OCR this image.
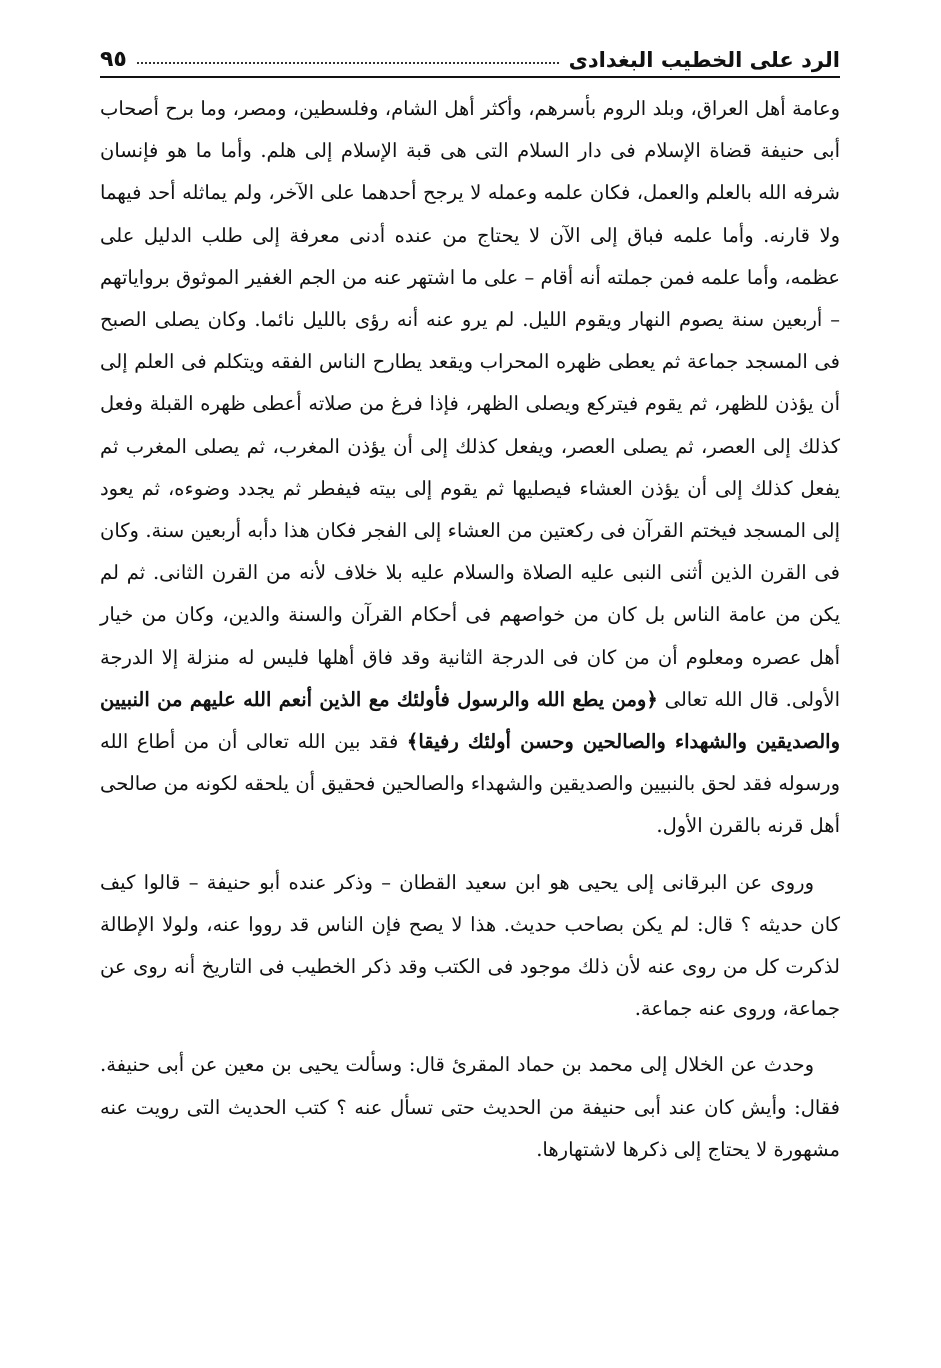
الرد على الخطيب البغدادى
٩٥

وعامة أهل العراق، وبلد الروم بأسرهم، وأكثر أهل الشام، وفلسطين، ومصر، وما برح أصحاب أبى حنيفة قضاة الإسلام فى دار السلام التى هى قبة الإسلام إلى هلم. وأما ما هو فإنسان شرفه الله بالعلم والعمل، فكان علمه وعمله لا يرجح أحدهما على الآخر، ولم يماثله أحد فيهما ولا قارنه. وأما علمه فباق إلى الآن لا يحتاج من عنده أدنى معرفة إلى طلب الدليل على عظمه، وأما علمه فمن جملته أنه أقام – على ما اشتهر عنه من الجم الغفير الموثوق برواياتهم – أربعين سنة يصوم النهار ويقوم الليل. لم يرو عنه أنه رؤى بالليل نائما. وكان يصلى الصبح فى المسجد جماعة ثم يعطى ظهره المحراب ويقعد يطارح الناس الفقه ويتكلم فى العلم إلى أن يؤذن للظهر، ثم يقوم فيتركع ويصلى الظهر، فإذا فرغ من صلاته أعطى ظهره القبلة وفعل كذلك إلى العصر، ثم يصلى العصر، ويفعل كذلك إلى أن يؤذن المغرب، ثم يصلى المغرب ثم يفعل كذلك إلى أن يؤذن العشاء فيصليها ثم يقوم إلى بيته فيفطر ثم يجدد وضوءه، ثم يعود إلى المسجد فيختم القرآن فى ركعتين من العشاء إلى الفجر فكان هذا دأبه أربعين سنة. وكان فى القرن الذين أثنى النبى عليه الصلاة والسلام عليه بلا خلاف لأنه من القرن الثانى. ثم لم يكن من عامة الناس بل كان من خواصهم فى أحكام القرآن والسنة والدين، وكان من خيار أهل عصره ومعلوم أن من كان فى الدرجة الثانية وقد فاق أهلها فليس له منزلة إلا الدرجة الأولى. قال الله تعالى ﴿ومن يطع الله والرسول فأولئك مع الذين أنعم الله عليهم من النبيين والصديقين والشهداء والصالحين وحسن أولئك رفيقا﴾ فقد بين الله تعالى أن من أطاع الله ورسوله فقد لحق بالنبيين والصديقين والشهداء والصالحين فحقيق أن يلحقه لكونه من صالحى أهل قرنه بالقرن الأول.

وروى عن البرقانى إلى يحيى هو ابن سعيد القطان – وذكر عنده أبو حنيفة – قالوا كيف كان حديثه ؟ قال: لم يكن بصاحب حديث. هذا لا يصح فإن الناس قد رووا عنه، ولولا الإطالة لذكرت كل من روى عنه لأن ذلك موجود فى الكتب وقد ذكر الخطيب فى التاريخ أنه روى عن جماعة، وروى عنه جماعة.

وحدث عن الخلال إلى محمد بن حماد المقرئ قال: وسألت يحيى بن معين عن أبى حنيفة. فقال: وأيش كان عند أبى حنيفة من الحديث حتى تسأل عنه ؟ كتب الحديث التى رويت عنه مشهورة لا يحتاج إلى ذكرها لاشتهارها.
